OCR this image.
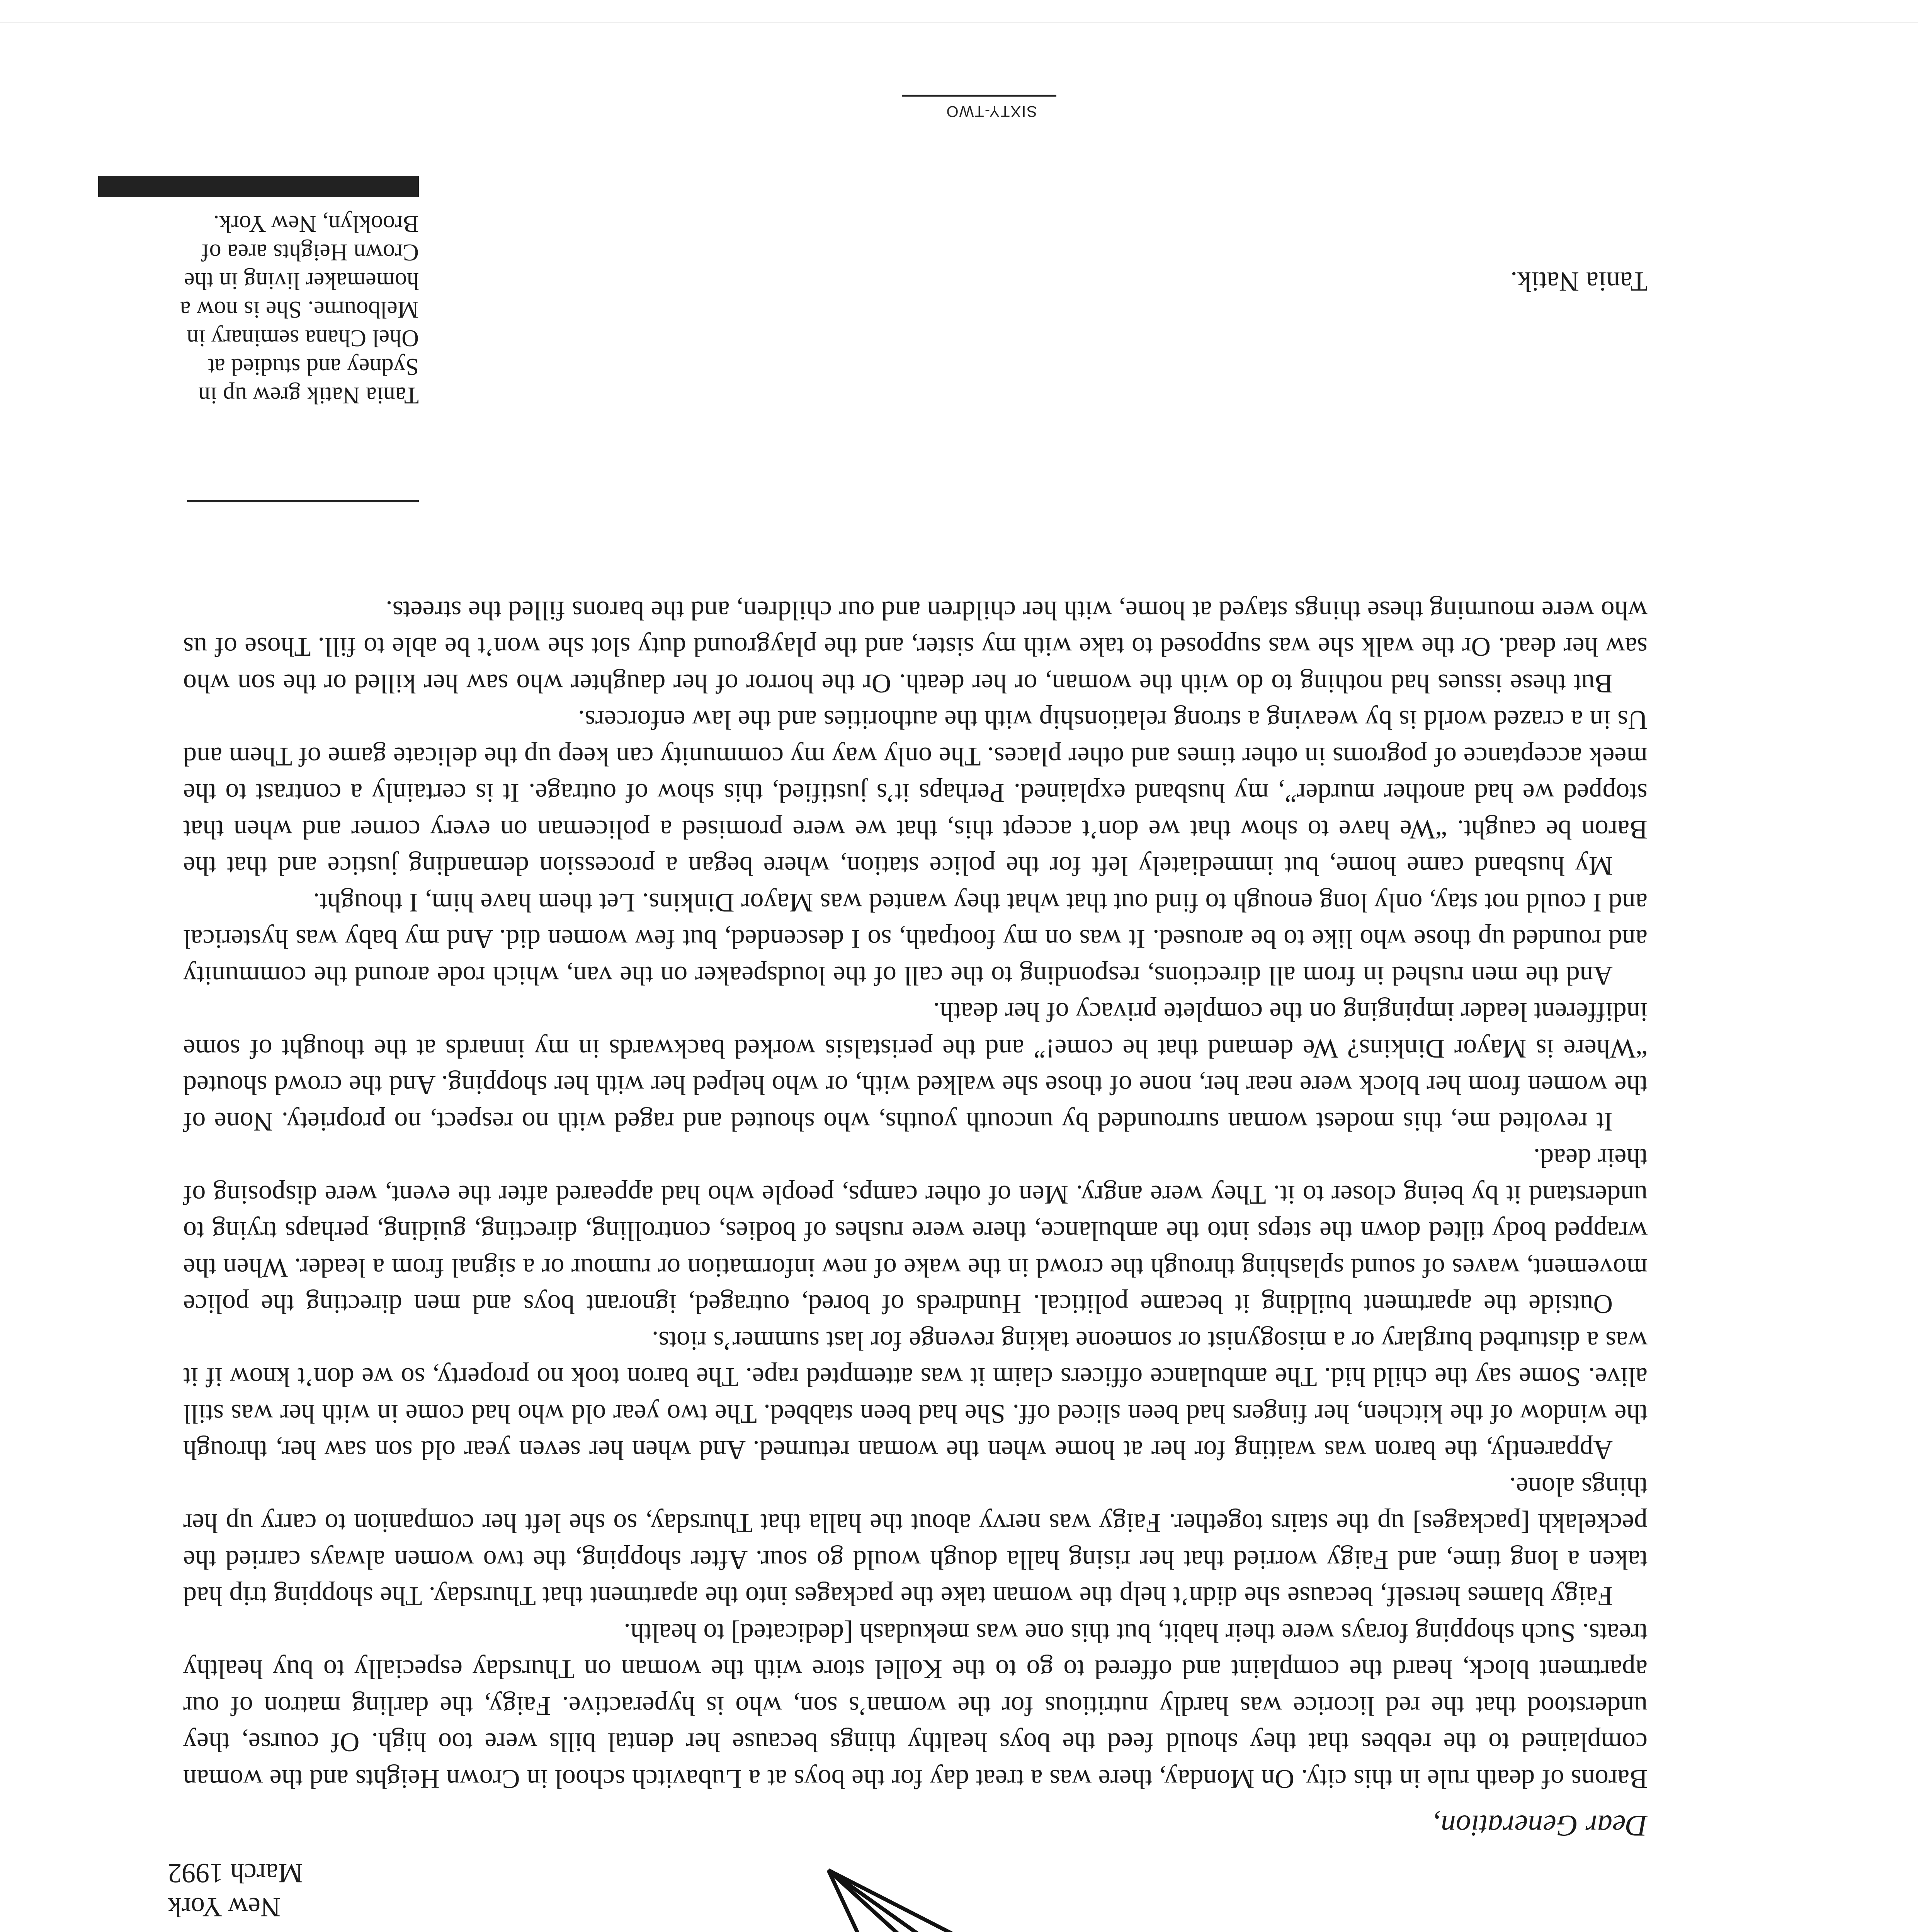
New York
March 1992
Dear Generation,

Barons of death rule in this city. On Monday, there was a treat day for the boys at a Lubavitch school in Crown Heights and the woman complained to the rebbes that they should feed the boys healthy things because her dental bills were too high. Of course, they understood that the red licorice was hardly nutritious for the woman’s son, who is hyperactive. Faigy, the darling matron of our apartment block, heard the complaint and offered to go to the Kollel store with the woman on Thursday especially to buy healthy treats. Such shopping forays were their habit, but this one was mekudash [dedicated] to health.

Faigy blames herself, because she didn’t help the woman take the packages into the apartment that Thursday. The shopping trip had taken a long time, and Faigy worried that her rising halla dough would go sour. After shopping, the two women always carried the peckelakh [packages] up the stairs together. Faigy was nervy about the halla that Thursday, so she left her companion to carry up her things alone.

Apparently, the baron was waiting for her at home when the woman returned. And when her seven year old son saw her, through the window of the kitchen, her fingers had been sliced off. She had been stabbed. The two year old who had come in with her was still alive. Some say the child hid. The ambulance officers claim it was attempted rape. The baron took no property, so we don’t know if it was a disturbed burglary or a misogynist or someone taking revenge for last summer’s riots.

Outside the apartment building it became political. Hundreds of bored, outraged, ignorant boys and men directing the police movement, waves of sound splashing through the crowd in the wake of new information or rumour or a signal from a leader. When the wrapped body tilted down the steps into the ambulance, there were rushes of bodies, controlling, directing, guiding, perhaps trying to understand it by being closer to it. They were angry. Men of other camps, people who had appeared after the event, were disposing of their dead.

It revolted me, this modest woman surrounded by uncouth youths, who shouted and raged with no respect, no propriety. None of the women from her block were near her, none of those she walked with, or who helped her with her shopping. And the crowd shouted “Where is Mayor Dinkins? We demand that he come!” and the peristalsis worked backwards in my innards at the thought of some indifferent leader impinging on the complete privacy of her death.

And the men rushed in from all directions, responding to the call of the loudspeaker on the van, which rode around the community and rounded up those who like to be aroused. It was on my footpath, so I descended, but few women did. And my baby was hysterical and I could not stay, only long enough to find out that what they wanted was Mayor Dinkins. Let them have him, I thought.

My husband came home, but immediately left for the police station, where began a procession demanding justice and that the Baron be caught. “We have to show that we don’t accept this, that we were promised a policeman on every corner and when that stopped we had another murder”, my husband explained. Perhaps it’s justified, this show of outrage. It is certainly a contrast to the meek acceptance of pogroms in other times and other places. The only way my community can keep up the delicate game of Them and Us in a crazed world is by weaving a strong relationship with the authorities and the law enforcers.

But these issues had nothing to do with the woman, or her death. Or the horror of her daughter who saw her killed or the son who saw her dead. Or the walk she was supposed to take with my sister, and the playground duty slot she won’t be able to fill. Those of us who were mourning these things stayed at home, with her children and our children, and the barons filled the streets.

Tania Natik.
Tania Natik grew up in
Sydney and studied at
Ohel Chana seminary in
Melbourne. She is now a
homemaker living in the
Crown Heights area of
Brooklyn, New York.
SIXTY-TWO
